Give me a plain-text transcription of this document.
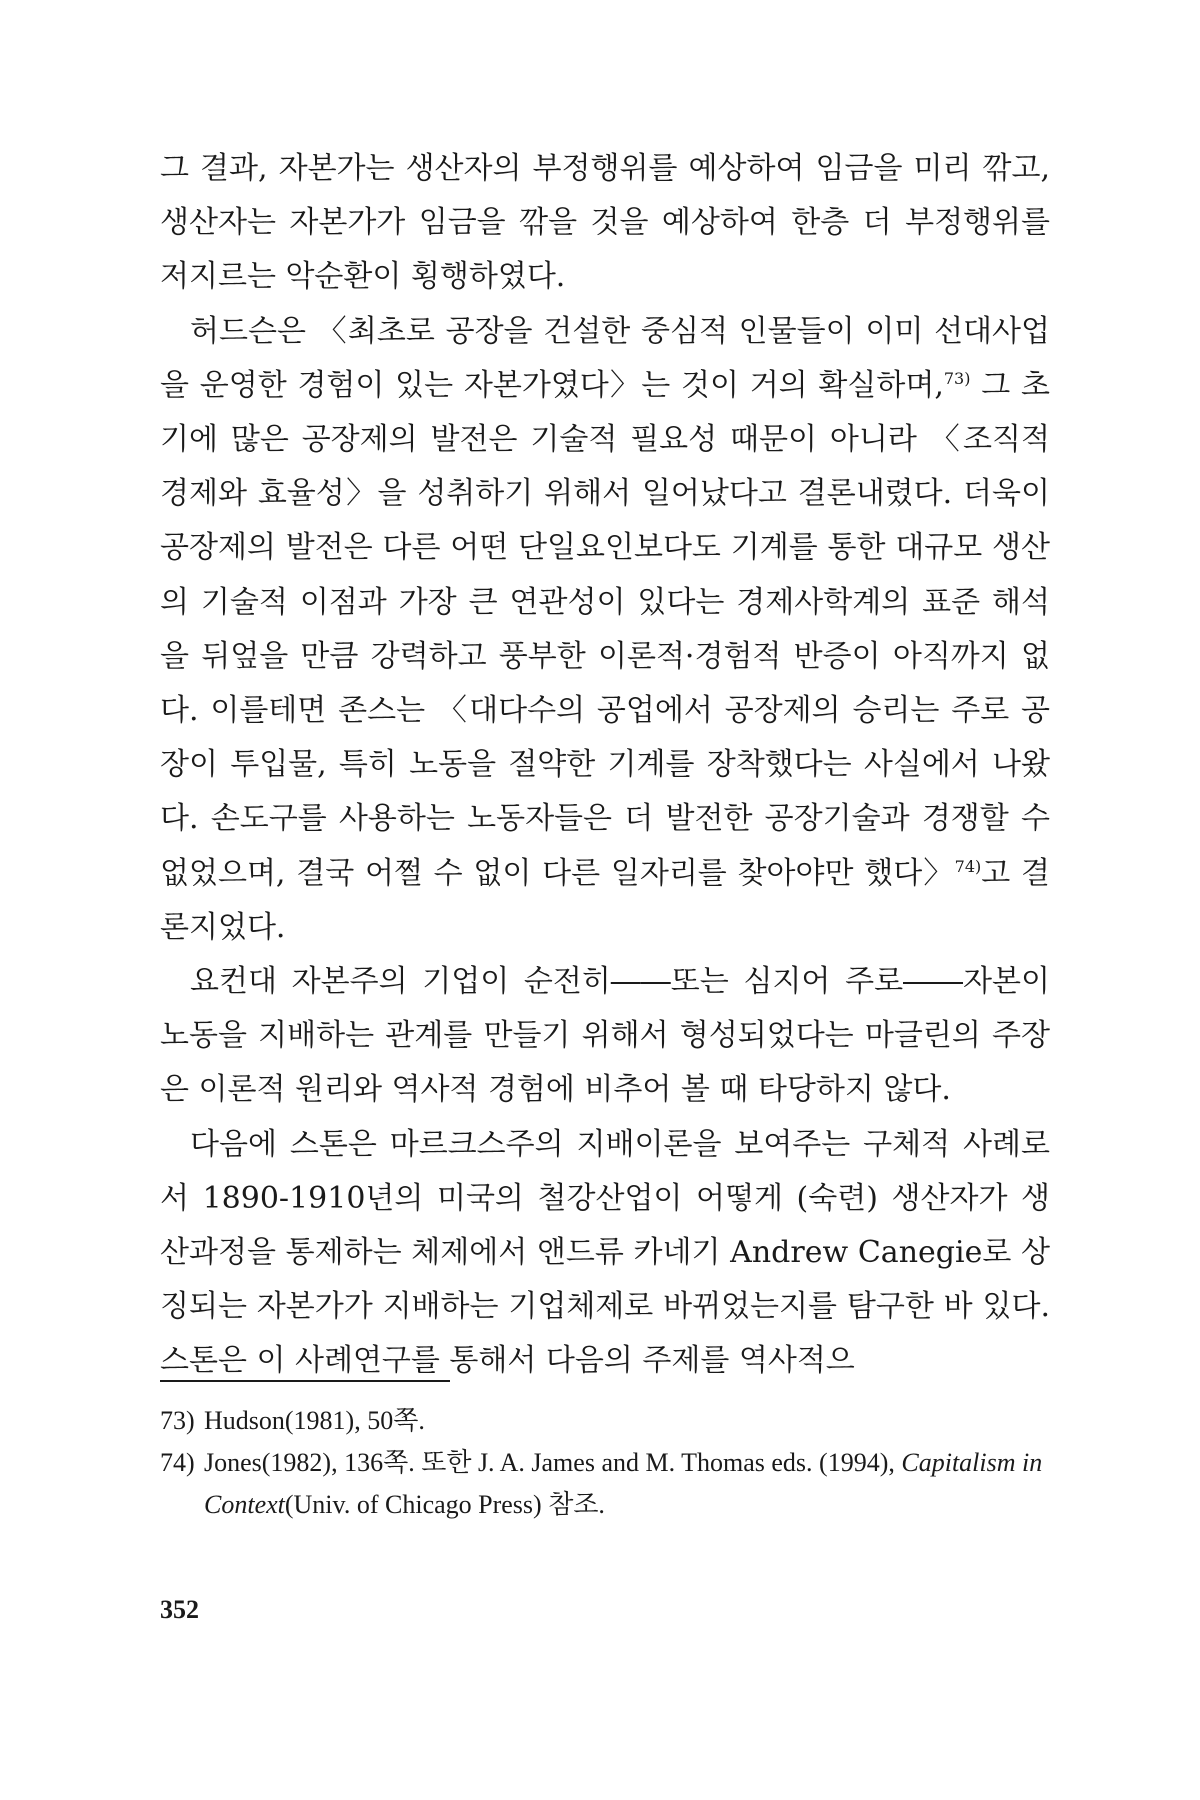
그 결과, 자본가는 생산자의 부정행위를 예상하여 임금을 미리 깎고, 생산자는 자본가가 임금을 깎을 것을 예상하여 한층 더 부정행위를 저지르는 악순환이 횡행하였다.

허드슨은 〈최초로 공장을 건설한 중심적 인물들이 이미 선대사업을 운영한 경험이 있는 자본가였다〉는 것이 거의 확실하며,$^{73)}$ 그 초기에 많은 공장제의 발전은 기술적 필요성 때문이 아니라 〈조직적 경제와 효율성〉을 성취하기 위해서 일어났다고 결론내렸다. 더욱이 공장제의 발전은 다른 어떤 단일요인보다도 기계를 통한 대규모 생산의 기술적 이점과 가장 큰 연관성이 있다는 경제사학계의 표준 해석을 뒤엎을 만큼 강력하고 풍부한 이론적·경험적 반증이 아직까지 없다. 이를테면 존스는 〈대다수의 공업에서 공장제의 승리는 주로 공장이 투입물, 특히 노동을 절약한 기계를 장착했다는 사실에서 나왔다. 손도구를 사용하는 노동자들은 더 발전한 공장기술과 경쟁할 수 없었으며, 결국 어쩔 수 없이 다른 일자리를 찾아야만 했다〉$^{74)}$고 결론지었다.

요컨대 자본주의 기업이 순전히――또는 심지어 주로――자본이 노동을 지배하는 관계를 만들기 위해서 형성되었다는 마글린의 주장은 이론적 원리와 역사적 경험에 비추어 볼 때 타당하지 않다.

다음에 스톤은 마르크스주의 지배이론을 보여주는 구체적 사례로서 1890-1910년의 미국의 철강산업이 어떻게 (숙련) 생산자가 생산과정을 통제하는 체제에서 앤드류 카네기 Andrew Canegie로 상징되는 자본가가 지배하는 기업체제로 바뀌었는지를 탐구한 바 있다. 스톤은 이 사례연구를 통해서 다음의 주제를 역사적으

73) Hudson(1981), 50쪽.

74) Jones(1982), 136쪽. 또한 J. A. James and M. Thomas eds. (1994), Capitalism in Context(Univ. of Chicago Press) 참조.

352
